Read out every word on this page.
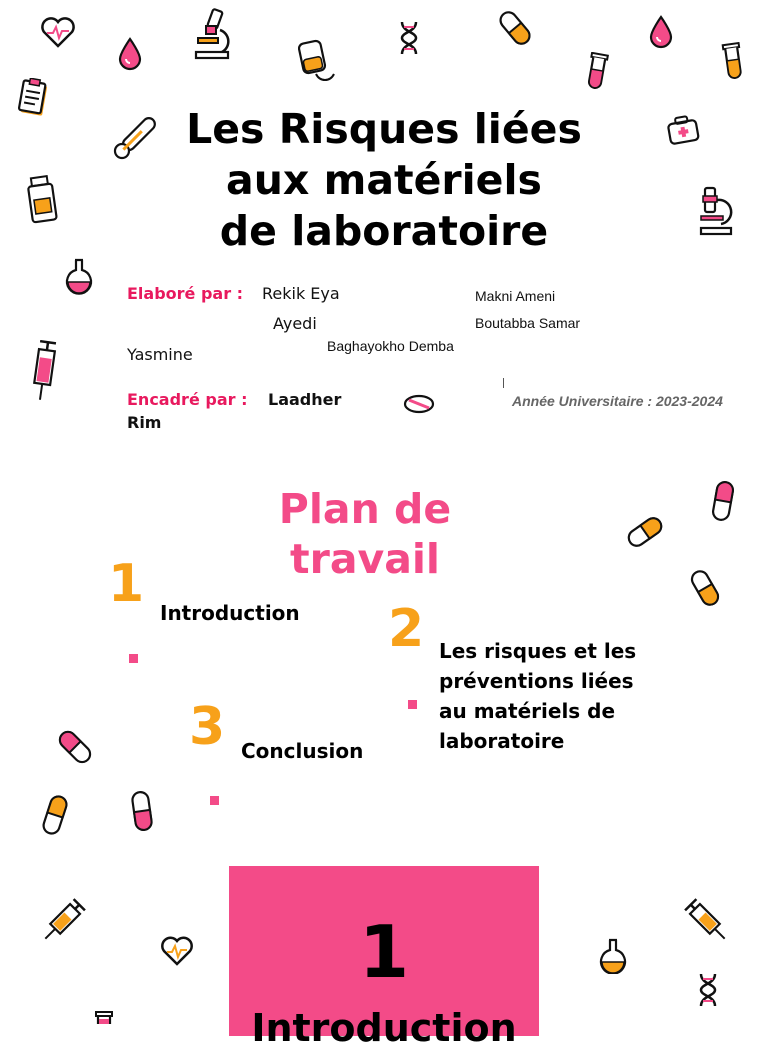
Les Risques liées
aux matériels
de laboratoire
Elaboré par : Rekik Eya
Ayedi
Yasmine
Makni Ameni
Boutabba Samar
Baghayokho Demba
Encadré par : Laadher
Rim
Année Universitaire : 2023-2024
Plan de
travail
1 Introduction 2 Les risques et les
préventions liées
au matériels de
laboratoire
3 Conclusion
1
Introduction
